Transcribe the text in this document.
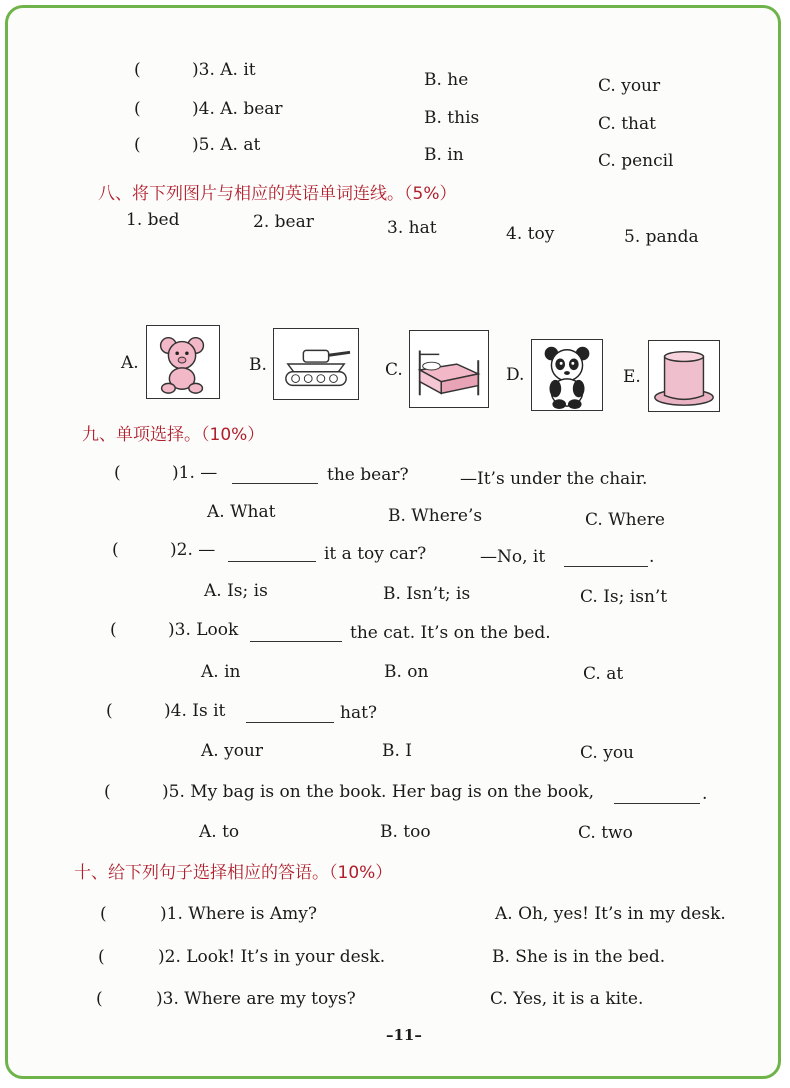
(	)3. A. it	B. he	C. your
(	)4. A. bear	B. this	C. that
(	)5. A. at	B. in	C. pencil
八、将下列图片与相应的英语单词连线。（5%）
1. bed	2. bear	3. hat	4. toy	5. panda
A.	B.	C.	D.	E.
九、单项选择。（10%）
(	)1. —	the bear?	—It’s under the chair.
A. What	B. Where’s	C. Where
(	)2. —	it a toy car?	—No, it	.
A. Is; is	B. Isn’t; is	C. Is; isn’t
(	)3. Look	the cat. It’s on the bed.
A. in	B. on	C. at
(	)4. Is it	hat?
A. your	B. I	C. you
(	)5. My bag is on the book. Her bag is on the book,	.
A. to	B. too	C. two
十、给下列句子选择相应的答语。（10%）
(	)1. Where is Amy?	A. Oh, yes! It’s in my desk.
(	)2. Look! It’s in your desk.	B. She is in the bed.
(	)3. Where are my toys?	C. Yes, it is a kite.
–11–
